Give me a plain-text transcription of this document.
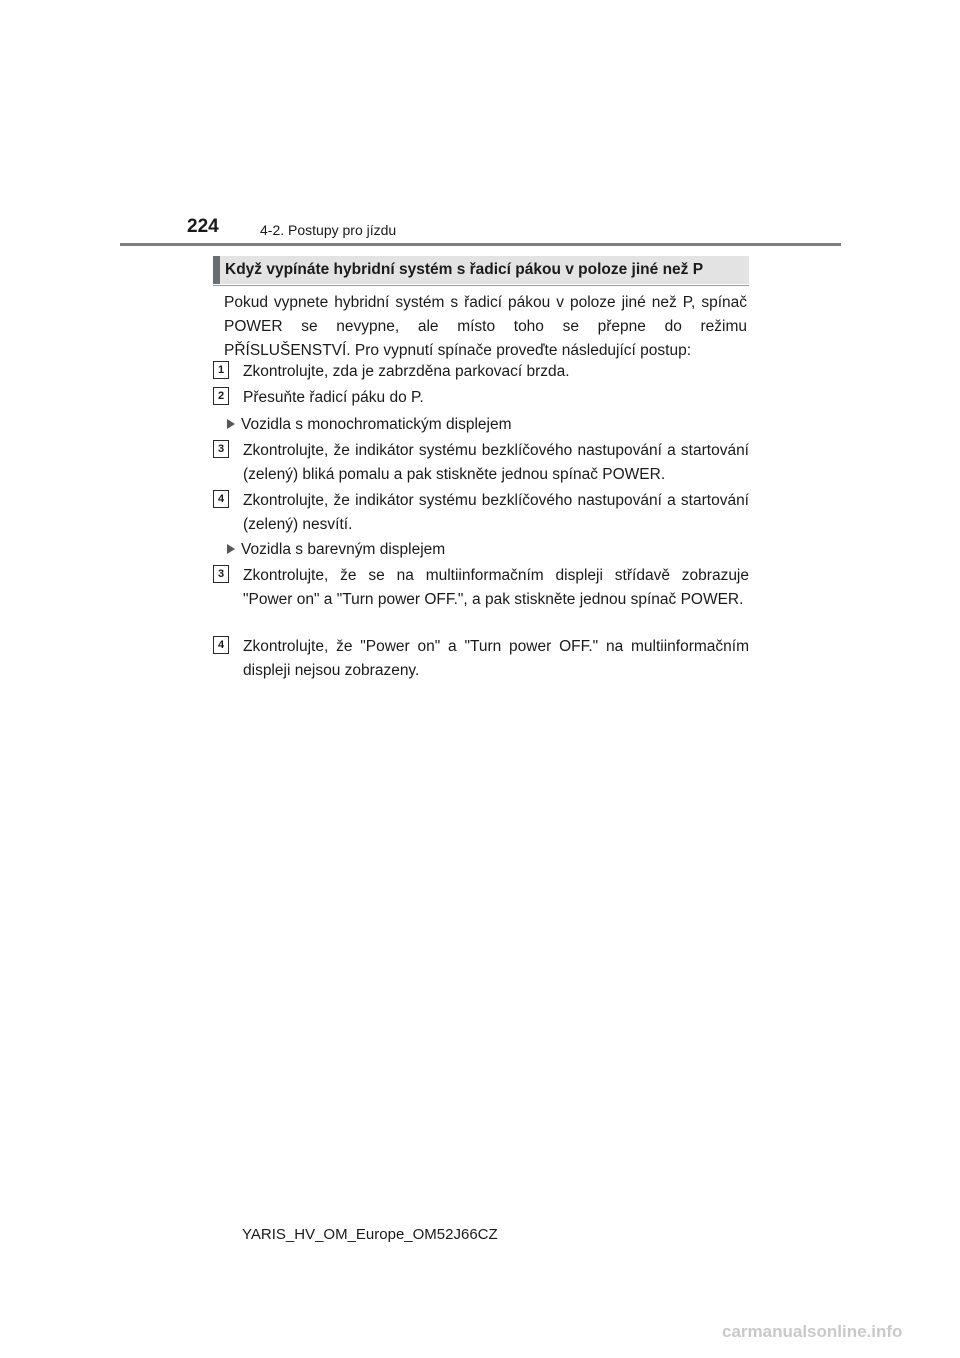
224	4-2. Postupy pro jízdu
Když vypínáte hybridní systém s řadicí pákou v poloze jiné než P
Pokud vypnete hybridní systém s řadicí pákou v poloze jiné než P, spínač POWER se nevypne, ale místo toho se přepne do režimu PŘÍSLUŠENSTVÍ. Pro vypnutí spínače proveďte následující postup:
1	Zkontrolujte, zda je zabrzděna parkovací brzda.
2	Přesuňte řadicí páku do P.
Vozidla s monochromatickým displejem
3	Zkontrolujte, že indikátor systému bezklíčového nastupování a startování (zelený) bliká pomalu a pak stiskněte jednou spínač POWER.
4	Zkontrolujte, že indikátor systému bezklíčového nastupování a startování (zelený) nesvítí.
Vozidla s barevným displejem
3	Zkontrolujte, že se na multiinformačním displeji střídavě zobrazuje "Power on" a "Turn power OFF.", a pak stiskněte jednou spínač POWER.
4	Zkontrolujte, že "Power on" a "Turn power OFF." na multiinformačním displeji nejsou zobrazeny.
YARIS_HV_OM_Europe_OM52J66CZ
carmanualsonline.info
